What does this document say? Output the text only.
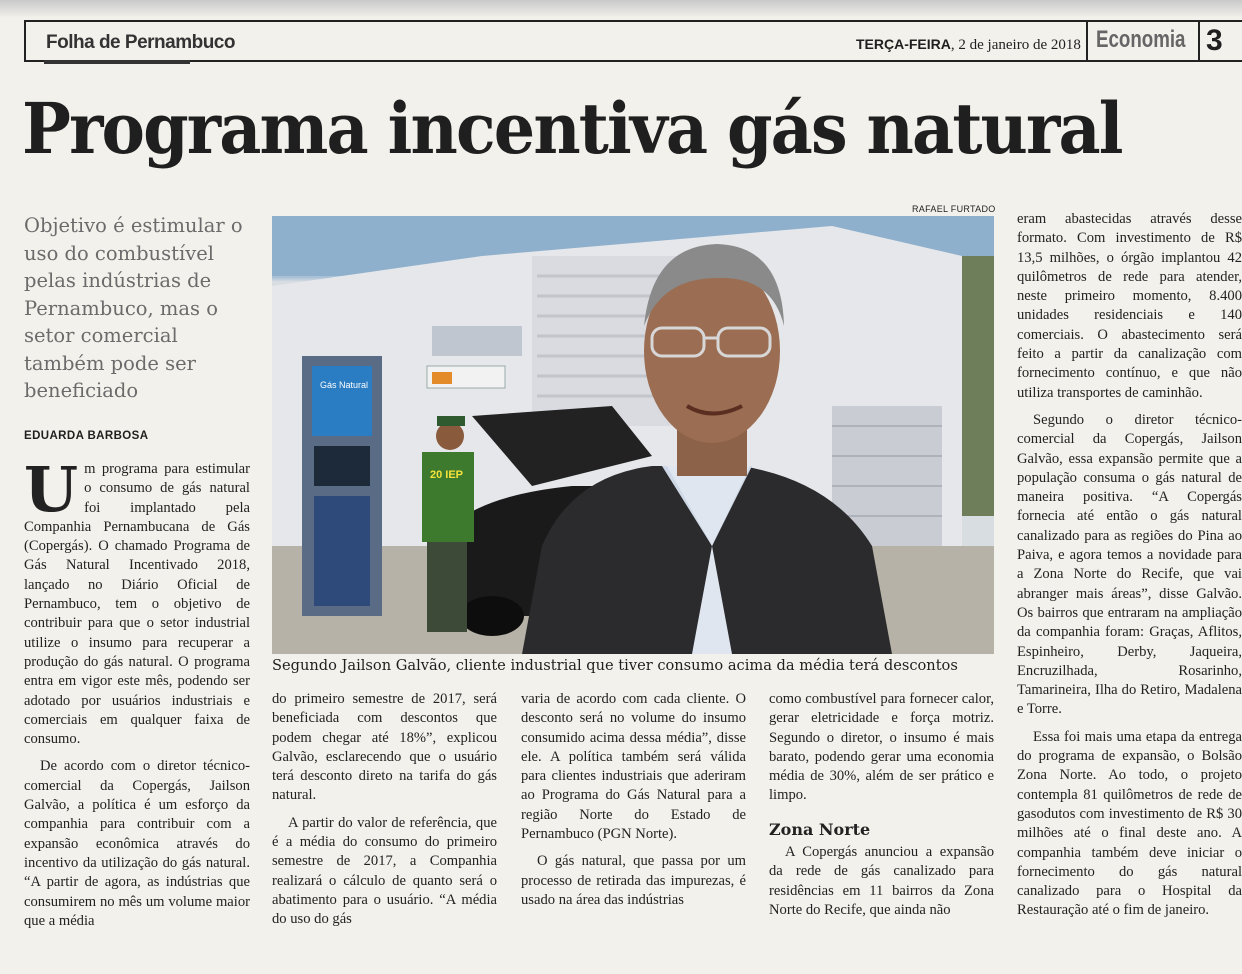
Folha de Pernambuco	TERÇA-FEIRA, 2 de janeiro de 2018 Economia 3
Programa incentiva gás natural

Objetivo é estimular o uso do combustível pelas indústrias de Pernambuco, mas o setor comercial também pode ser beneficiado

EDUARDA BARBOSA

Um programa para estimular o consumo de gás natural foi implantado pela Companhia Pernambucana de Gás (Copergás). O chamado Programa de Gás Natural Incentivado 2018, lançado no Diário Oficial de Pernambuco, tem o objetivo de contribuir para que o setor industrial utilize o insumo para recuperar a produção do gás natural. O programa entra em vigor este mês, podendo ser adotado por usuários industriais e comerciais em qualquer faixa de consumo.

De acordo com o diretor técnico-comercial da Copergás, Jailson Galvão, a política é um esforço da companhia para contribuir com a expansão econômica através do incentivo da utilização do gás natural. “A partir de agora, as indústrias que consumirem no mês um volume maior que a média

RAFAEL FURTADO
Gás Natural
20 IEP
Segundo Jailson Galvão, cliente industrial que tiver consumo acima da média terá descontos

do primeiro semestre de 2017, será beneficiada com descontos que podem chegar até 18%”, explicou Galvão, esclarecendo que o usuário terá desconto direto na tarifa do gás natural.

A partir do valor de referência, que é a média do consumo do primeiro semestre de 2017, a Companhia realizará o cálculo de quanto será o abatimento para o usuário. “A média do uso do gás

varia de acordo com cada cliente. O desconto será no volume do insumo consumido acima dessa média”, disse ele. A política também será válida para clientes industriais que aderiram ao Programa do Gás Natural para a região Norte do Estado de Pernambuco (PGN Norte).

O gás natural, que passa por um processo de retirada das impurezas, é usado na área das indústrias

como combustível para fornecer calor, gerar eletricidade e força motriz. Segundo o diretor, o insumo é mais barato, podendo gerar uma economia média de 30%, além de ser prático e limpo.

Zona Norte

A Copergás anunciou a expansão da rede de gás canalizado para residências em 11 bairros da Zona Norte do Recife, que ainda não

eram abastecidas através desse formato. Com investimento de R$ 13,5 milhões, o órgão implantou 42 quilômetros de rede para atender, neste primeiro momento, 8.400 unidades residenciais e 140 comerciais. O abastecimento será feito a partir da canalização com fornecimento contínuo, e que não utiliza transportes de caminhão.

Segundo o diretor técnico-comercial da Copergás, Jailson Galvão, essa expansão permite que a população consuma o gás natural de maneira positiva. “A Copergás fornecia até então o gás natural canalizado para as regiões do Pina ao Paiva, e agora temos a novidade para a Zona Norte do Recife, que vai abranger mais áreas”, disse Galvão. Os bairros que entraram na ampliação da companhia foram: Graças, Aflitos, Espinheiro, Derby, Jaqueira, Encruzilhada, Rosarinho, Tamarineira, Ilha do Retiro, Madalena e Torre.

Essa foi mais uma etapa da entrega do programa de expansão, o Bolsão Zona Norte. Ao todo, o projeto contempla 81 quilômetros de rede de gasodutos com investimento de R$ 30 milhões até o final deste ano. A companhia também deve iniciar o fornecimento do gás natural canalizado para o Hospital da Restauração até o fim de janeiro.
